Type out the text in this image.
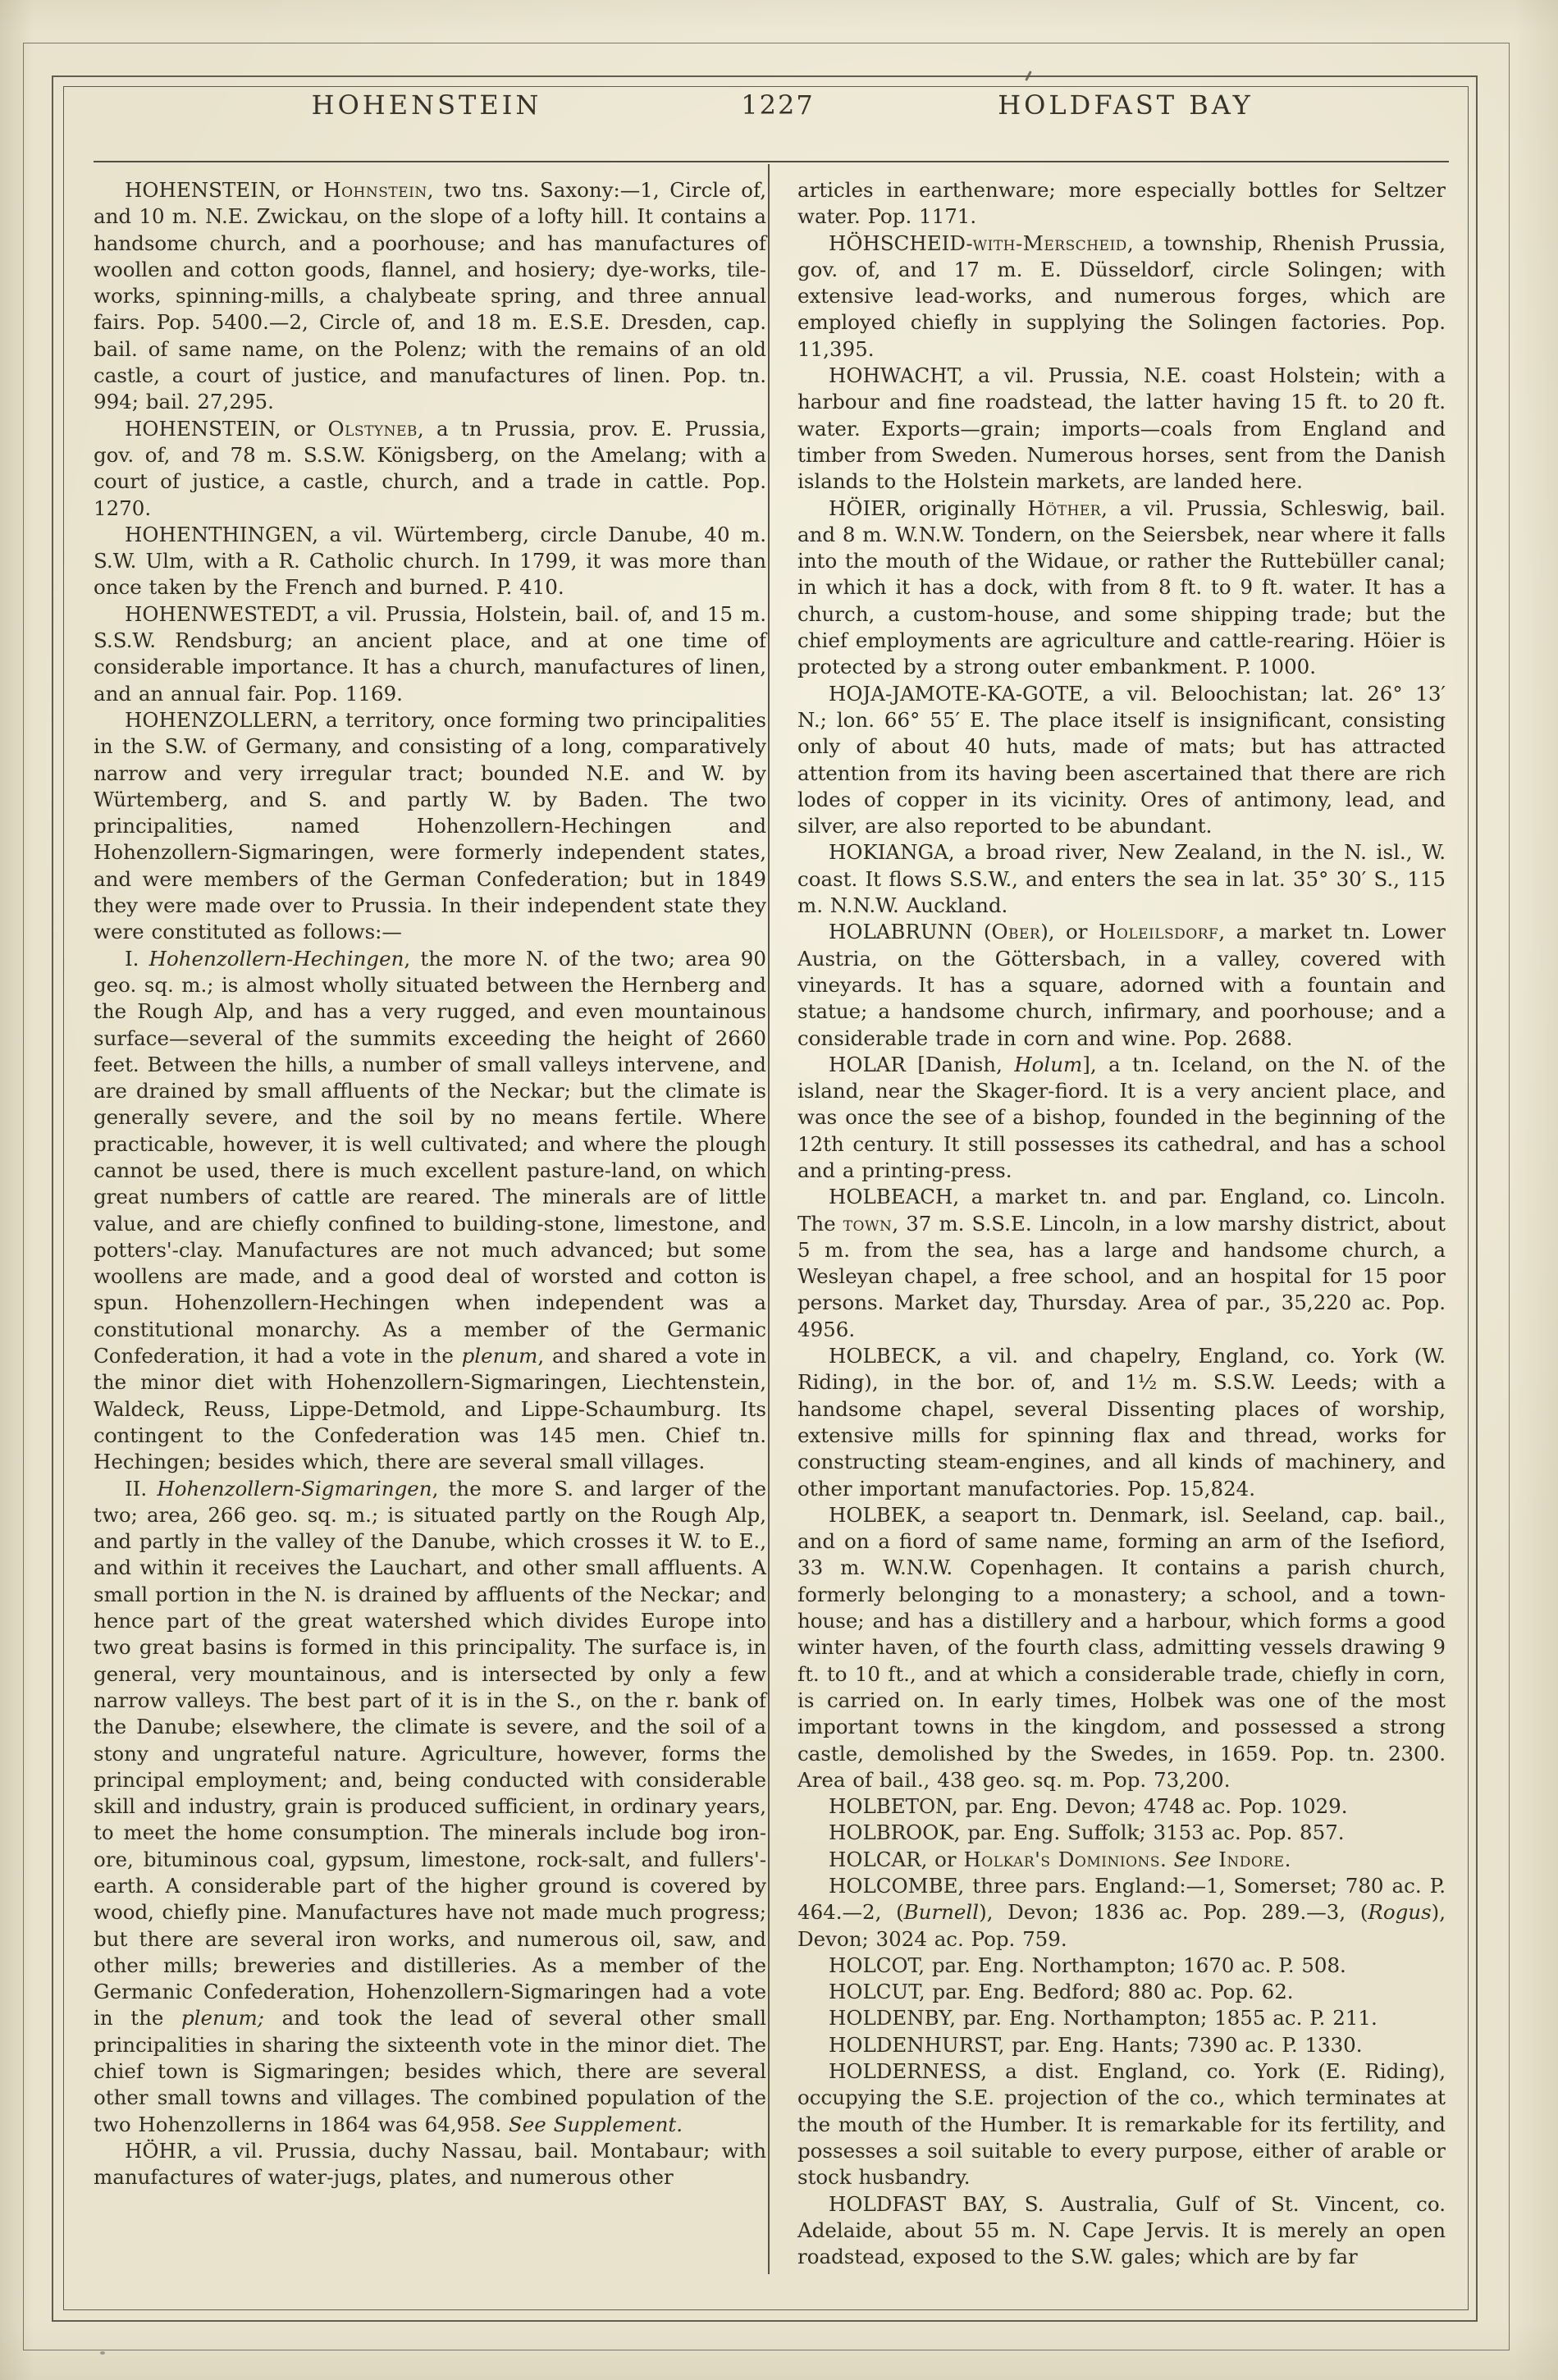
HOHENSTEIN	1227	HOLDFAST BAY

HOHENSTEIN, or Hohnstein, two tns. Saxony:—1, Circle of, and 10 m. N.E. Zwickau, on the slope of a lofty hill. It contains a handsome church, and a poorhouse; and has manufactures of woollen and cotton goods, flannel, and hosiery; dye-works, tile-works, spinning-mills, a chalybeate spring, and three annual fairs. Pop. 5400.—2, Circle of, and 18 m. E.S.E. Dresden, cap. bail. of same name, on the Polenz; with the remains of an old castle, a court of justice, and manufactures of linen. Pop. tn. 994; bail. 27,295.

HOHENSTEIN, or Olstyneb, a tn Prussia, prov. E. Prussia, gov. of, and 78 m. S.S.W. Königsberg, on the Amelang; with a court of justice, a castle, church, and a trade in cattle. Pop. 1270.

HOHENTHINGEN, a vil. Würtemberg, circle Danube, 40 m. S.W. Ulm, with a R. Catholic church. In 1799, it was more than once taken by the French and burned. P. 410.

HOHENWESTEDT, a vil. Prussia, Holstein, bail. of, and 15 m. S.S.W. Rendsburg; an ancient place, and at one time of considerable importance. It has a church, manufactures of linen, and an annual fair. Pop. 1169.

HOHENZOLLERN, a territory, once forming two principalities in the S.W. of Germany, and consisting of a long, comparatively narrow and very irregular tract; bounded N.E. and W. by Würtemberg, and S. and partly W. by Baden. The two principalities, named Hohenzollern-Hechingen and Hohenzollern-Sigmaringen, were formerly independent states, and were members of the German Confederation; but in 1849 they were made over to Prussia. In their independent state they were constituted as follows:—

I. Hohenzollern-Hechingen, the more N. of the two; area 90 geo. sq. m.; is almost wholly situated between the Hernberg and the Rough Alp, and has a very rugged, and even mountainous surface—several of the summits exceeding the height of 2660 feet. Between the hills, a number of small valleys intervene, and are drained by small affluents of the Neckar; but the climate is generally severe, and the soil by no means fertile. Where practicable, however, it is well cultivated; and where the plough cannot be used, there is much excellent pasture-land, on which great numbers of cattle are reared. The minerals are of little value, and are chiefly confined to building-stone, limestone, and potters'-clay. Manufactures are not much advanced; but some woollens are made, and a good deal of worsted and cotton is spun. Hohenzollern-Hechingen when independent was a constitutional monarchy. As a member of the Germanic Confederation, it had a vote in the plenum, and shared a vote in the minor diet with Hohenzollern-Sigmaringen, Liechtenstein, Waldeck, Reuss, Lippe-Detmold, and Lippe-Schaumburg. Its contingent to the Confederation was 145 men. Chief tn. Hechingen; besides which, there are several small villages.

II. Hohenzollern-Sigmaringen, the more S. and larger of the two; area, 266 geo. sq. m.; is situated partly on the Rough Alp, and partly in the valley of the Danube, which crosses it W. to E., and within it receives the Lauchart, and other small affluents. A small portion in the N. is drained by affluents of the Neckar; and hence part of the great watershed which divides Europe into two great basins is formed in this principality. The surface is, in general, very mountainous, and is intersected by only a few narrow valleys. The best part of it is in the S., on the r. bank of the Danube; elsewhere, the climate is severe, and the soil of a stony and ungrateful nature. Agriculture, however, forms the principal employment; and, being conducted with considerable skill and industry, grain is produced sufficient, in ordinary years, to meet the home consumption. The minerals include bog iron-ore, bituminous coal, gypsum, limestone, rock-salt, and fullers'-earth. A considerable part of the higher ground is covered by wood, chiefly pine. Manufactures have not made much progress; but there are several iron works, and numerous oil, saw, and other mills; breweries and distilleries. As a member of the Germanic Confederation, Hohenzollern-Sigmaringen had a vote in the plenum; and took the lead of several other small principalities in sharing the sixteenth vote in the minor diet. The chief town is Sigmaringen; besides which, there are several other small towns and villages. The combined population of the two Hohenzollerns in 1864 was 64,958. See Supplement.

HÖHR, a vil. Prussia, duchy Nassau, bail. Montabaur; with manufactures of water-jugs, plates, and numerous other

articles in earthenware; more especially bottles for Seltzer water. Pop. 1171.

HÖHSCHEID-with-Merscheid, a township, Rhenish Prussia, gov. of, and 17 m. E. Düsseldorf, circle Solingen; with extensive lead-works, and numerous forges, which are employed chiefly in supplying the Solingen factories. Pop. 11,395.

HOHWACHT, a vil. Prussia, N.E. coast Holstein; with a harbour and fine roadstead, the latter having 15 ft. to 20 ft. water. Exports—grain; imports—coals from England and timber from Sweden. Numerous horses, sent from the Danish islands to the Holstein markets, are landed here.

HÖIER, originally Höther, a vil. Prussia, Schleswig, bail. and 8 m. W.N.W. Tondern, on the Seiersbek, near where it falls into the mouth of the Widaue, or rather the Ruttebüller canal; in which it has a dock, with from 8 ft. to 9 ft. water. It has a church, a custom-house, and some shipping trade; but the chief employments are agriculture and cattle-rearing. Höier is protected by a strong outer embankment. P. 1000.

HOJA-JAMOTE-KA-GOTE, a vil. Beloochistan; lat. 26° 13′ N.; lon. 66° 55′ E. The place itself is insignificant, consisting only of about 40 huts, made of mats; but has attracted attention from its having been ascertained that there are rich lodes of copper in its vicinity. Ores of antimony, lead, and silver, are also reported to be abundant.

HOKIANGA, a broad river, New Zealand, in the N. isl., W. coast. It flows S.S.W., and enters the sea in lat. 35° 30′ S., 115 m. N.N.W. Auckland.

HOLABRUNN (Ober), or Holeilsdorf, a market tn. Lower Austria, on the Göttersbach, in a valley, covered with vineyards. It has a square, adorned with a fountain and statue; a handsome church, infirmary, and poorhouse; and a considerable trade in corn and wine. Pop. 2688.

HOLAR [Danish, Holum], a tn. Iceland, on the N. of the island, near the Skager-fiord. It is a very ancient place, and was once the see of a bishop, founded in the beginning of the 12th century. It still possesses its cathedral, and has a school and a printing-press.

HOLBEACH, a market tn. and par. England, co. Lincoln. The town, 37 m. S.S.E. Lincoln, in a low marshy district, about 5 m. from the sea, has a large and handsome church, a Wesleyan chapel, a free school, and an hospital for 15 poor persons. Market day, Thursday. Area of par., 35,220 ac. Pop. 4956.

HOLBECK, a vil. and chapelry, England, co. York (W. Riding), in the bor. of, and 1½ m. S.S.W. Leeds; with a handsome chapel, several Dissenting places of worship, extensive mills for spinning flax and thread, works for constructing steam-engines, and all kinds of machinery, and other important manufactories. Pop. 15,824.

HOLBEK, a seaport tn. Denmark, isl. Seeland, cap. bail., and on a fiord of same name, forming an arm of the Isefiord, 33 m. W.N.W. Copenhagen. It contains a parish church, formerly belonging to a monastery; a school, and a town-house; and has a distillery and a harbour, which forms a good winter haven, of the fourth class, admitting vessels drawing 9 ft. to 10 ft., and at which a considerable trade, chiefly in corn, is carried on. In early times, Holbek was one of the most important towns in the kingdom, and possessed a strong castle, demolished by the Swedes, in 1659. Pop. tn. 2300. Area of bail., 438 geo. sq. m. Pop. 73,200.

HOLBETON, par. Eng. Devon; 4748 ac. Pop. 1029.

HOLBROOK, par. Eng. Suffolk; 3153 ac. Pop. 857.

HOLCAR, or Holkar's Dominions. See Indore.

HOLCOMBE, three pars. England:—1, Somerset; 780 ac. P. 464.—2, (Burnell), Devon; 1836 ac. Pop. 289.—3, (Rogus), Devon; 3024 ac. Pop. 759.

HOLCOT, par. Eng. Northampton; 1670 ac. P. 508.

HOLCUT, par. Eng. Bedford; 880 ac. Pop. 62.

HOLDENBY, par. Eng. Northampton; 1855 ac. P. 211.

HOLDENHURST, par. Eng. Hants; 7390 ac. P. 1330.

HOLDERNESS, a dist. England, co. York (E. Riding), occupying the S.E. projection of the co., which terminates at the mouth of the Humber. It is remarkable for its fertility, and possesses a soil suitable to every purpose, either of arable or stock husbandry.

HOLDFAST BAY, S. Australia, Gulf of St. Vincent, co. Adelaide, about 55 m. N. Cape Jervis. It is merely an open roadstead, exposed to the S.W. gales; which are by far
